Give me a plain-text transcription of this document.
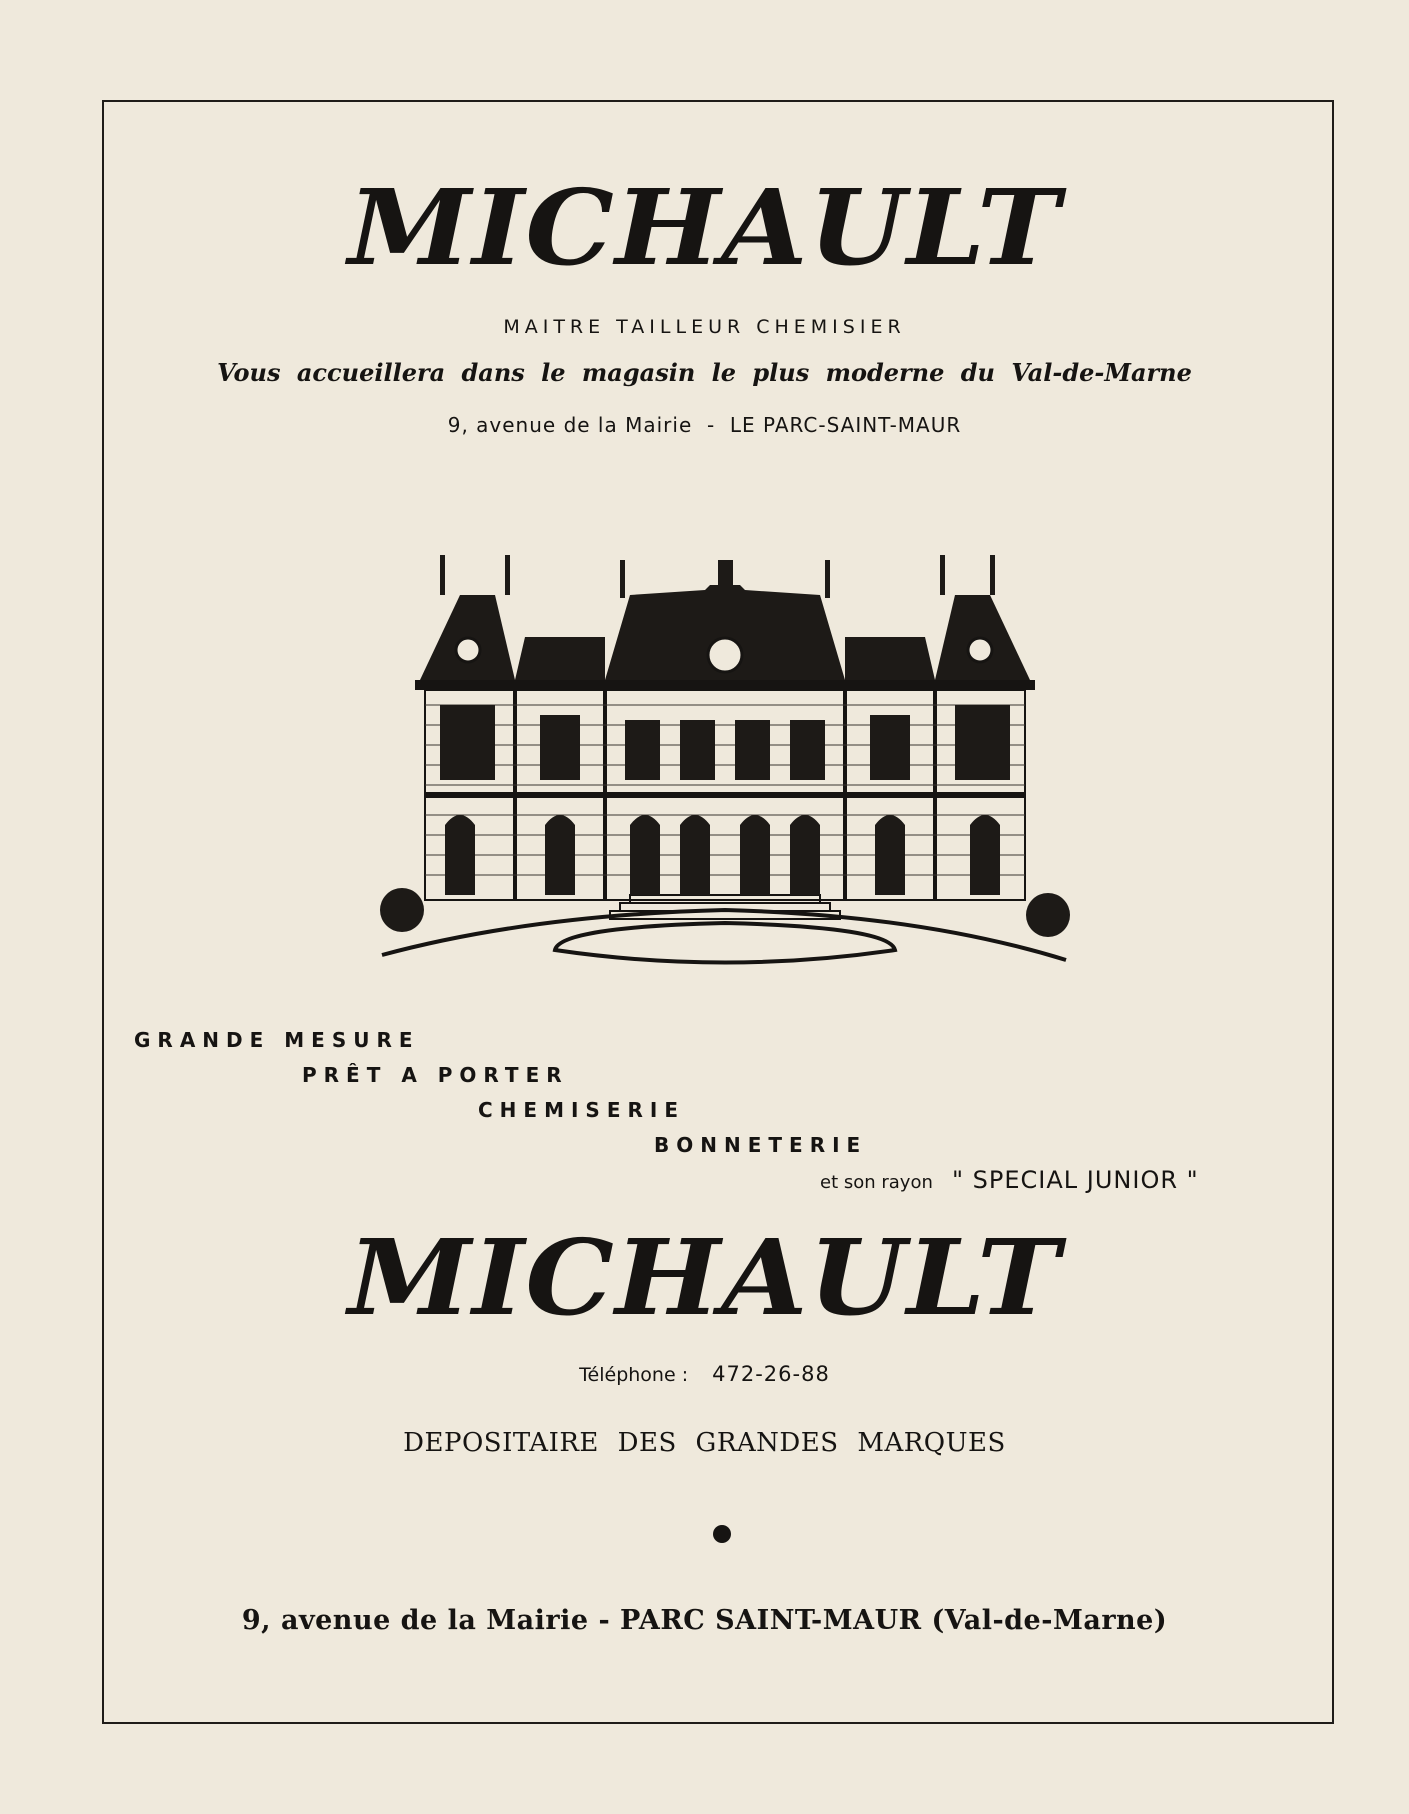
MICHAULT
MAITRE TAILLEUR CHEMISIER
Vous accueillera dans le magasin le plus moderne du Val-de-Marne
9, avenue de la Mairie  -  LE PARC-SAINT-MAUR
GRANDE MESURE
PRÊT A PORTER
CHEMISERIE
BONNETERIE
et son rayon " SPECIAL JUNIOR "
MICHAULT
Téléphone : 472-26-88
DEPOSITAIRE DES GRANDES MARQUES
9, avenue de la Mairie - PARC SAINT-MAUR (Val-de-Marne)
